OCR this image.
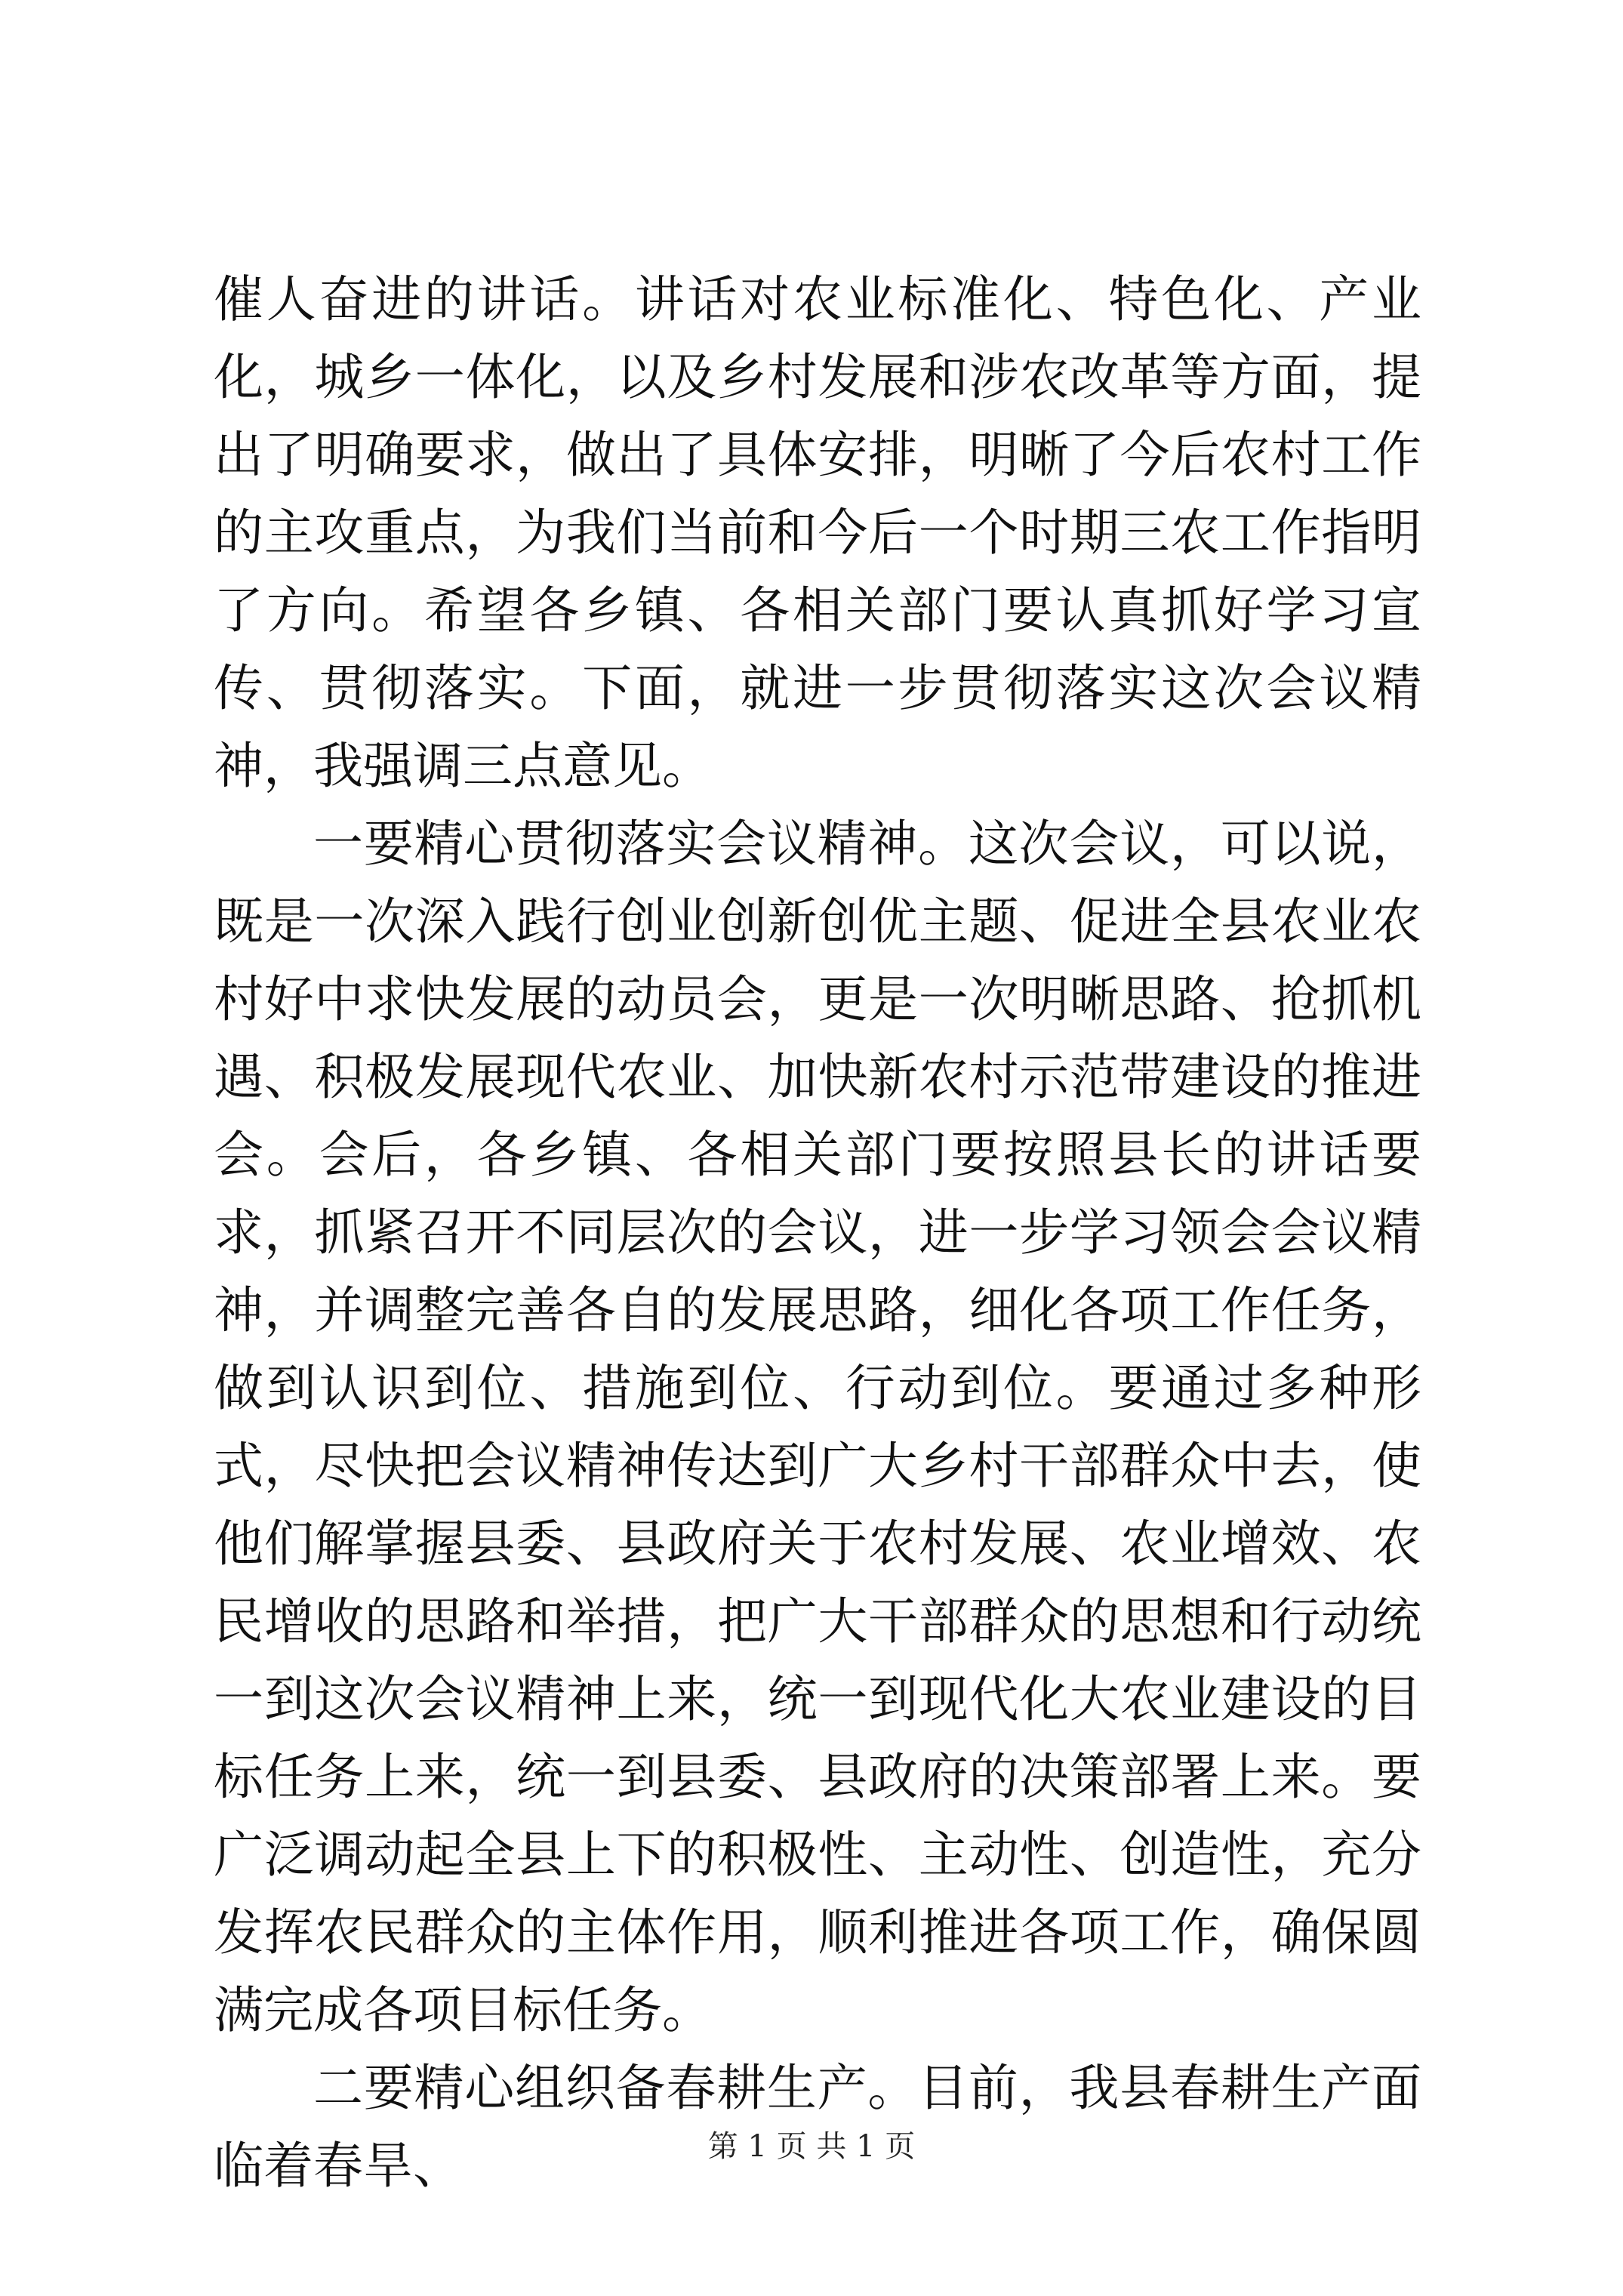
催人奋进的讲话。讲话对农业标准化、特色化、产业化，城乡一体化，以及乡村发展和涉农改革等方面，提出了明确要求，做出了具体安排，明晰了今后农村工作的主攻重点，为我们当前和今后一个时期三农工作指明了方向。希望各乡镇、各相关部门要认真抓好学习宣传、贯彻落实。下面，就进一步贯彻落实这次会议精神，我强调三点意见。

一要精心贯彻落实会议精神。这次会议，可以说，既是一次深入践行创业创新创优主题、促进全县农业农村好中求快发展的动员会，更是一次明晰思路、抢抓机遇、积极发展现代农业、加快新农村示范带建设的推进会。会后，各乡镇、各相关部门要按照县长的讲话要求，抓紧召开不同层次的会议，进一步学习领会会议精神，并调整完善各自的发展思路，细化各项工作任务，做到认识到位、措施到位、行动到位。要通过多种形式，尽快把会议精神传达到广大乡村干部群众中去，使他们解掌握县委、县政府关于农村发展、农业增效、农民增收的思路和举措，把广大干部群众的思想和行动统一到这次会议精神上来，统一到现代化大农业建设的目标任务上来，统一到县委、县政府的决策部署上来。要广泛调动起全县上下的积极性、主动性、创造性，充分发挥农民群众的主体作用，顺利推进各项工作，确保圆满完成各项目标任务。

二要精心组织备春耕生产。目前，我县春耕生产面临着春旱、	第 1 页 共 1 页
